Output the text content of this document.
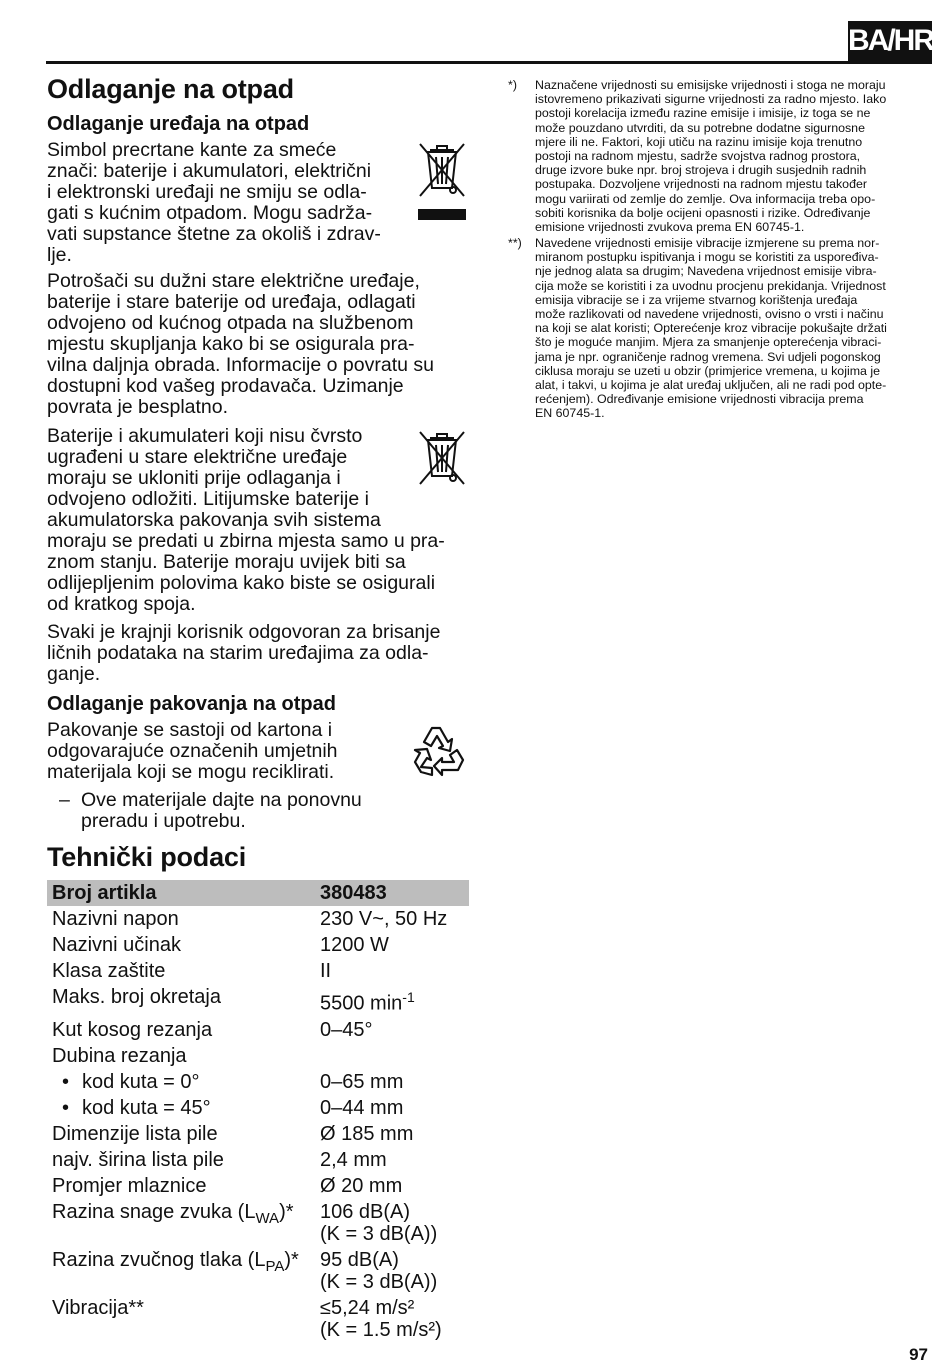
BA/HR
Odlaganje na otpad
Odlaganje uređaja na otpad

Simbol precrtane kante za smeće

znači: baterije i akumulatori, električni

i elektronski uređaji ne smiju se odla-

gati s kućnim otpadom. Mogu sadrža-

vati supstance štetne za okoliš i zdrav-

lje.

Potrošači su dužni stare električne uređaje,

baterije i stare baterije od uređaja, odlagati

odvojeno od kućnog otpada na službenom

mjestu skupljanja kako bi se osigurala pra-

vilna daljnja obrada. Informacije o povratu su

dostupni kod vašeg prodavača. Uzimanje

povrata je besplatno.

Baterije i akumulateri koji nisu čvrsto

ugrađeni u stare električne uređaje

moraju se ukloniti prije odlaganja i

odvojeno odložiti. Litijumske baterije i

akumulatorska pakovanja svih sistema

moraju se predati u zbirna mjesta samo u pra-

znom stanju. Baterije moraju uvijek biti sa

odlijepljenim polovima kako biste se osigurali

od kratkog spoja.

Svaki je krajnji korisnik odgovoran za brisanje

ličnih podataka na starim uređajima za odla-

ganje.

Odlaganje pakovanja na otpad

Pakovanje se sastoji od kartona i

odgovarajuće označenih umjetnih

materijala koji se mogu reciklirati.

– Ove materijale dajte na ponovnu

preradu i upotrebu.

Tehnički podaci
Broj artikla	380483
Nazivni napon	230 V~, 50 Hz
Nazivni učinak	1200 W
Klasa zaštite	II
Maks. broj okretaja	5500 $\min^{-1}$
Kut kosog rezanja	0–45°
Dubina rezanja	
• kod kuta = 0°	0–65 mm
• kod kuta = 45°	0–44 mm
Dimenzije lista pile	Ø 185 mm
najv. širina lista pile	2,4 mm
Promjer mlaznice	Ø 20 mm
Razina snage zvuka $(L_{WA})*$	106 dB(A)
(K = 3 dB(A))

Razina zvučnog tlaka $(L_{PA})*$	95 dB(A)
(K = 3 dB(A))

Vibracija**	≤5,24 m/s²
(K = 1.5 m/s²)
*) Naznačene vrijednosti su emisijske vrijednosti i stoga ne moraju
istovremeno prikazivati sigurne vrijednosti za radno mjesto. Iako
postoji korelacija između razine emisije i imisije, iz toga se ne
može pouzdano utvrditi, da su potrebne dodatne sigurnosne
mjere ili ne. Faktori, koji utiču na razinu imisije koja trenutno
postoji na radnom mjestu, sadrže svojstva radnog prostora,
druge izvore buke npr. broj strojeva i drugih susjednih radnih
postupaka. Dozvoljene vrijednosti na radnom mjestu također
mogu variirati od zemlje do zemlje. Ova informacija treba opo-
sobiti korisnika da bolje ocijeni opasnosti i rizike. Određivanje
emisione vrijednosti zvukova prema EN 60745-1.
**) Navedene vrijednosti emisije vibracije izmjerene su prema nor-
miranom postupku ispitivanja i mogu se koristiti za uspoređiva-
nje jednog alata sa drugim; Navedena vrijednost emisije vibra-
cija može se koristiti i za uvodnu procjenu prekidanja. Vrijednost
emisija vibracije se i za vrijeme stvarnog korištenja uređaja
može razlikovati od navedene vrijednosti, ovisno o vrsti i načinu
na koji se alat koristi; Opterećenje kroz vibracije pokušajte držati
što je moguće manjim. Mjera za smanjenje opterećenja vibraci-
jama je npr. ograničenje radnog vremena. Svi udjeli pogonskog
ciklusa moraju se uzeti u obzir (primjerice vremena, u kojima je
alat, i takvi, u kojima je alat uređaj uključen, ali ne radi pod opte-
rećenjem). Određivanje emisione vrijednosti vibracija prema
EN 60745-1.
97
